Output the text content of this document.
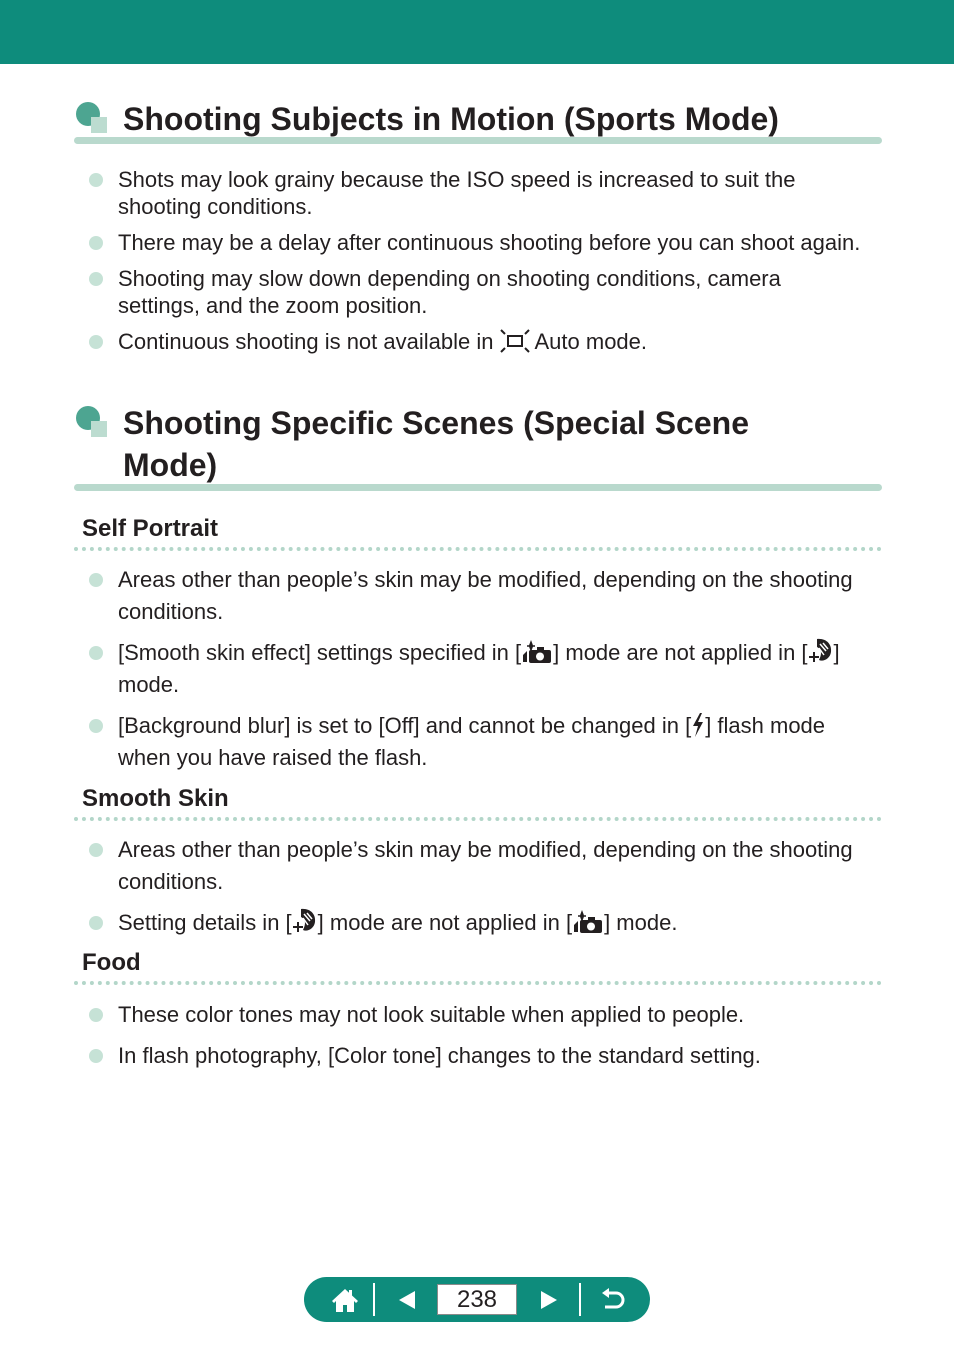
Shooting Subjects in Motion (Sports Mode)
Shots may look grainy because the ISO speed is increased to suit the shooting conditions.
There may be a delay after continuous shooting before you can shoot again.
Shooting may slow down depending on shooting conditions, camera settings, and the zoom position.
Continuous shooting is not available in  Auto mode.
Shooting Specific Scenes (Special Scene
Mode)
Self Portrait
Areas other than people’s skin may be modified, depending on the shooting conditions.
[Smooth skin effect] settings specified in [ ] mode are not applied in [ ] mode.
[Background blur] is set to [Off] and cannot be changed in [ ] flash mode when you have raised the flash.
Smooth Skin
Areas other than people’s skin may be modified, depending on the shooting conditions.
Setting details in [ ] mode are not applied in [ ] mode.
Food
These color tones may not look suitable when applied to people.
In flash photography, [Color tone] changes to the standard setting.
238
